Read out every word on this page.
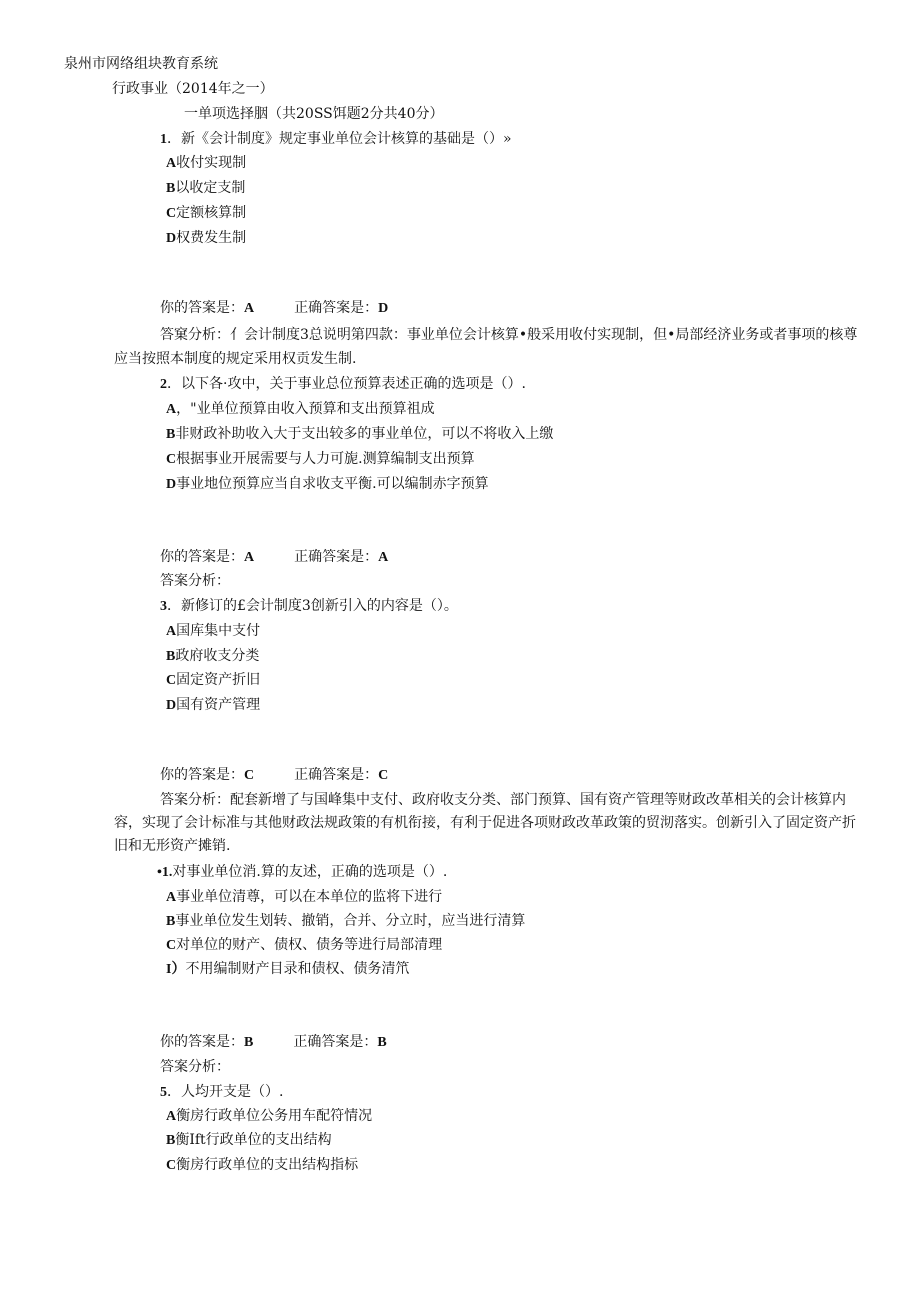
泉州市网络组块教育系统
行政事业（2014年之一）
一单项选择胭（共20SS饵题2分共40分）
1．新《会计制度》规定事业单位会计核算的基础是（）»
A收付实现制
B以收定支制
C定额核算制
D权费发生制
你的答案是：A	正确答案是：D
答窠分析：亻会计制度3总说明第四款：事业单位会计核算•般采用收付实现制，但•局部经济业务或者事项的核尊应当按照本制度的规定采用权贡发生制.
2．以下各·攻中，关于事业总位预算表述正确的选项是（）.
A，"业单位预算由收入预算和支出预算祖成
B非财政补助收入大于支出较多的事业单位，可以不将收入上缴
C根据事业开展需要与人力可旎.测算编制支出预算
D事业地位预算应当自求收支平衡.可以编制赤字预算
你的答案是：A	正确答案是：A
答案分析：
3．新修订的£会计制度3创新引入的内容是（）。
A国库集中支付
B政府收支分类
C固定资产折旧
D国有资产管理
你的答案是：C	正确答案是：C
答案分析：配套新增了与国峰集中支付、政府收支分类、部门预算、国有资产管理等财政改革相关的会计核算内容，实现了会计标准与其他财政法规政策的有机衔接，有利于促进各项财政改革政策的贸沏落实。创新引入了固定资产折旧和无形资产摊销.
•1.对事业单位消.算的友述，正确的选项是（）.
A事业单位清尊，可以在本单位的监将下进行
B事业单位发生划转、撤销，合并、分立时，应当进行清算
C对单位的财产、债权、债务等进行局部清理
I）不用编制财产目录和债权、债务清笊
你的答案是：B	正确答案是：B
答案分析：
5．人均开支是（）.
A衡房行政单位公务用车配符情况
B衡Ift行政单位的支出结构
C衡房行政单位的支出结构指标
